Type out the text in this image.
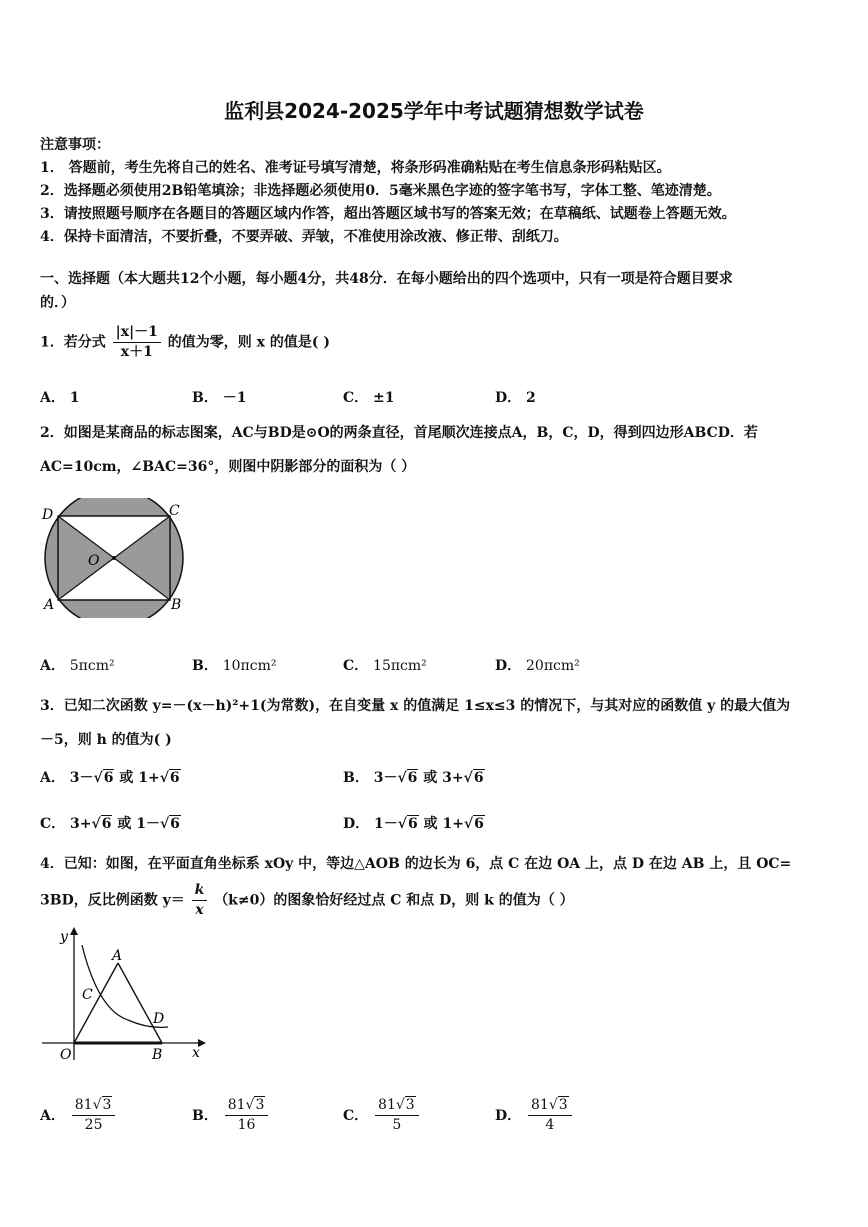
监利县2024-2025学年中考试题猜想数学试卷
注意事项：
1． 答题前，考生先将自己的姓名、准考证号填写清楚，将条形码准确粘贴在考生信息条形码粘贴区。
2．选择题必须使用2B铅笔填涂；非选择题必须使用0．5毫米黑色字迹的签字笔书写，字体工整、笔迹清楚。
3．请按照题号顺序在各题目的答题区域内作答，超出答题区域书写的答案无效；在草稿纸、试题卷上答题无效。
4．保持卡面清洁，不要折叠，不要弄破、弄皱，不准使用涂改液、修正带、刮纸刀。
一、选择题（本大题共12个小题，每小题4分，共48分．在每小题给出的四个选项中，只有一项是符合题目要求
的．）
1．若分式 $\frac{|x|-1}{x+1}$ 的值为零，则 x 的值是( )
A． 1	B． －1	C． ±1	D． 2
2．如图是某商品的标志图案，AC与BD是⊙O的两条直径，首尾顺次连接点A，B，C，D，得到四边形ABCD．若
AC=10cm，∠BAC=36°，则图中阴影部分的面积为（ ）
D	C
O
A	B
A． 5πcm²	B． 10πcm²	C． 15πcm²	D． 20πcm²
3．已知二次函数 y=－(x－h)²+1(为常数)，在自变量 x 的值满足 1≤x≤3 的情况下，与其对应的函数值 y 的最大值为
－5，则 h 的值为( )
A． 3－√6 或 1+√6	B． 3－√6 或 3+√6
C． 3+√6 或 1－√6	D． 1－√6 或 1+√6
4．已知：如图，在平面直角坐标系 xOy 中，等边△AOB 的边长为 6，点 C 在边 OA 上，点 D 在边 AB 上，且 OC=
3BD，反比例函数 $y= \frac{k}{x} (k\ne 0)$的图象恰好经过点 C 和点 D，则 k 的值为（ ）
y
x
A
C
D
O	B
A． $\frac{81√3}{25}$	B． $\frac{81√3}{16}$	C． $\frac{81√3}{5}$	D． $\frac{81√3}{4}$
